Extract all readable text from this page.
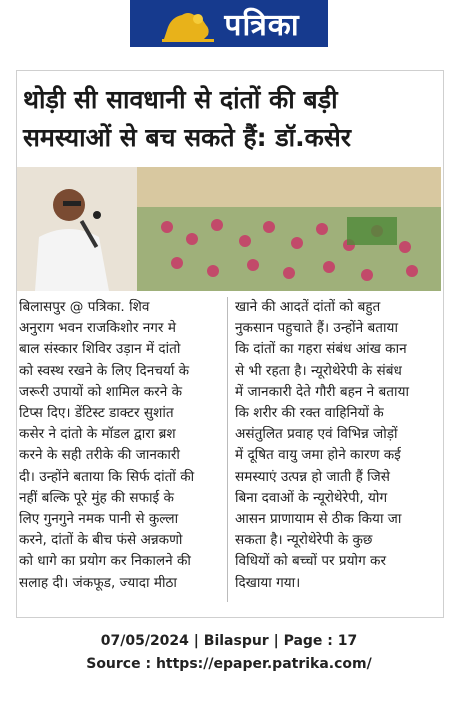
पत्रिका
थोड़ी सी सावधानी से दांतों की बड़ी
समस्याओं से बच सकते हैं: डॉ.कसेर
बिलासपुर @ पत्रिका. शिव
अनुराग भवन राजकिशोर नगर मे
बाल संस्कार शिविर उड़ान में दांतो
को स्वस्थ रखने के लिए दिनचर्या के
जरूरी उपायों को शामिल करने के
टिप्स दिए। डेंटिस्ट डाक्टर सुशांत
कसेर ने दांतो के मॉडल द्वारा ब्रश
करने के सही तरीके की जानकारी
दी। उन्होंने बताया कि सिर्फ दांतों की
नहीं बल्कि पूरे मुंह की सफाई के
लिए गुनगुने नमक पानी से कुल्ला
करने, दांतों के बीच फंसे अन्नकणो
को धागे का प्रयोग कर निकालने की
सलाह दी। जंकफूड, ज्यादा मीठा
खाने की आदतें दांतों को बहुत
नुकसान पहुचाते हैं। उन्होंने बताया
कि दांतों का गहरा संबंध आंख कान
से भी रहता है। न्यूरोथेरेपी के संबंध
में जानकारी देते गौरी बहन ने बताया
कि शरीर की रक्त वाहिनियों के
असंतुलित प्रवाह एवं विभिन्न जोड़ों
में दूषित वायु जमा होने कारण कई
समस्याएं उत्पन्न हो जाती हैं जिसे
बिना दवाओं के न्यूरोथेरेपी, योग
आसन प्राणायाम से ठीक किया जा
सकता है। न्यूरोथेरेपी के कुछ
विधियों को बच्चों पर प्रयोग कर
दिखाया गया।
07/05/2024 | Bilaspur | Page : 17
Source : https://epaper.patrika.com/
